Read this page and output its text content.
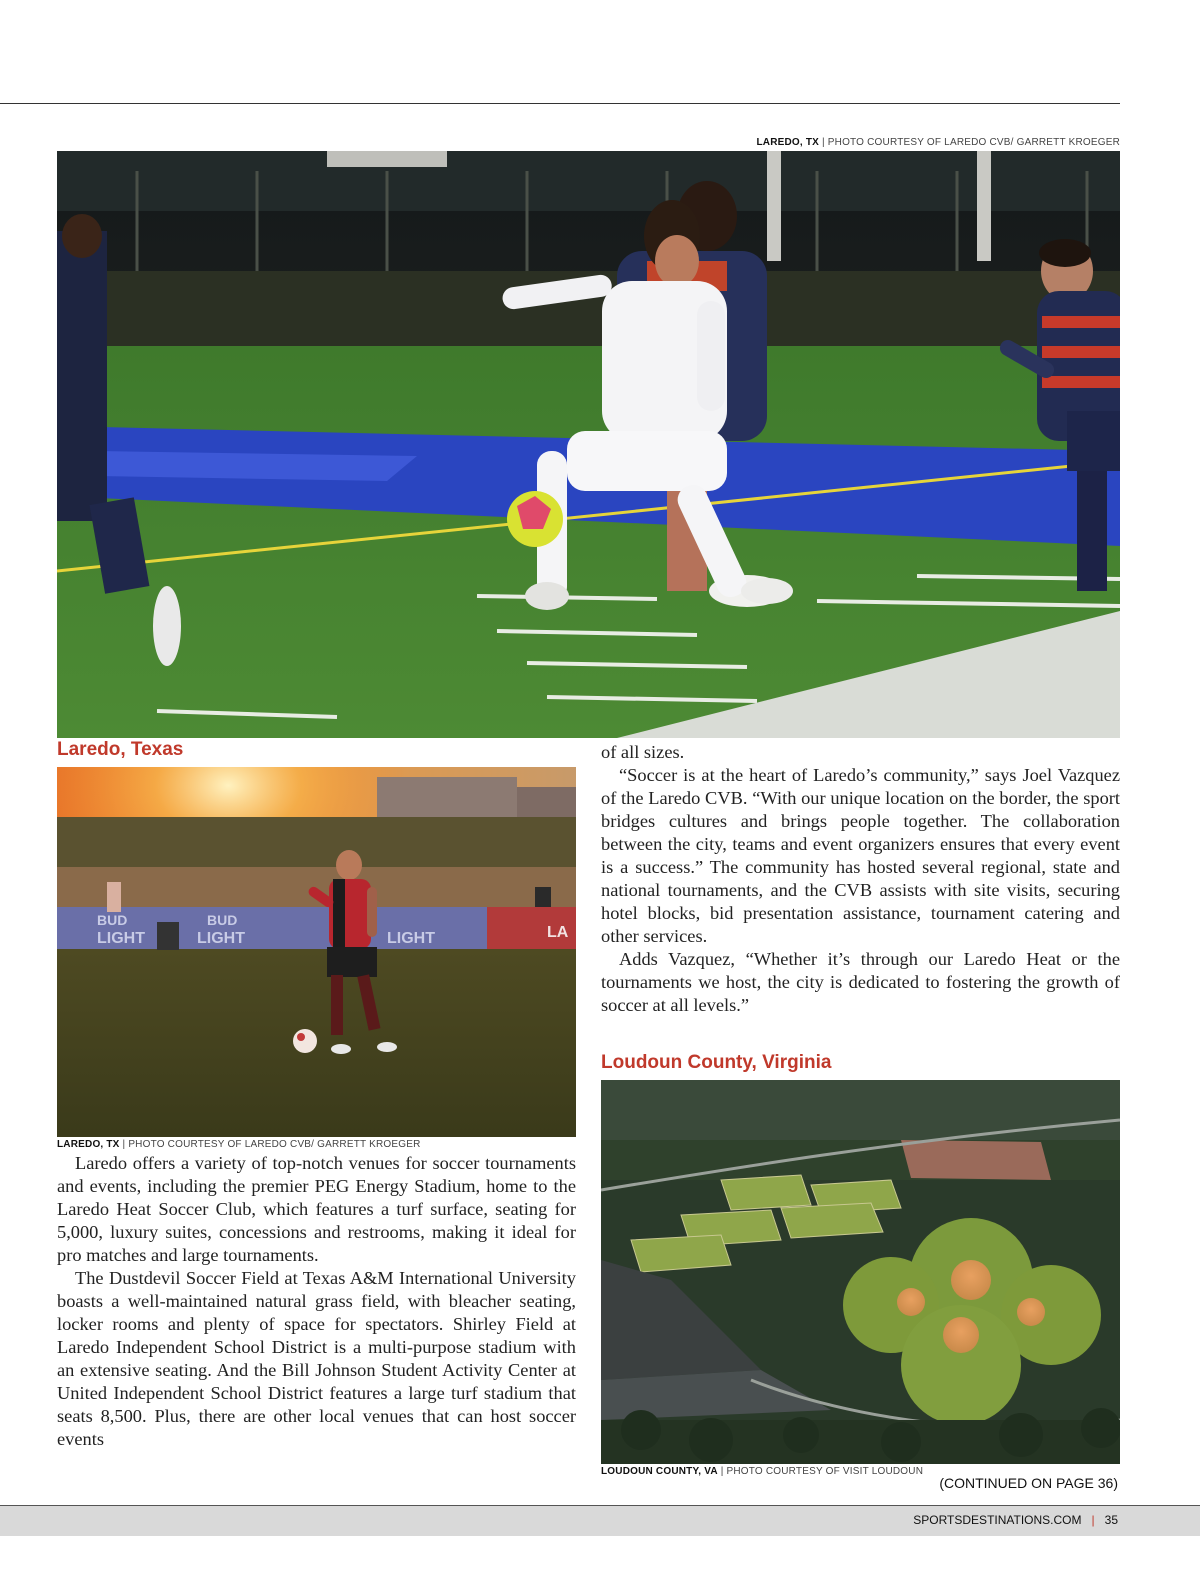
LAREDO, TX | PHOTO COURTESY OF LAREDO CVB/ GARRETT KROEGER
Laredo, Texas
BUD
LIGHT
BUD
LIGHT	LIGHT	LA
LAREDO, TX | PHOTO COURTESY OF LAREDO CVB/ GARRETT KROEGER

Laredo offers a variety of top-notch venues for soccer tournaments and events, including the premier PEG Energy Stadium, home to the Laredo Heat Soccer Club, which features a turf surface, seating for 5,000, luxury suites, concessions and restrooms, making it ideal for pro matches and large tournaments.

The Dustdevil Soccer Field at Texas A&M International University boasts a well-maintained natural grass field, with bleacher seating, locker rooms and plenty of space for spectators. Shirley Field at Laredo Independent School District is a multi-purpose stadium with an extensive seating. And the Bill Johnson Student Activity Center at United Independent School District features a large turf stadium that seats 8,500. Plus, there are other local venues that can host soccer events

of all sizes.

“Soccer is at the heart of Laredo’s community,” says Joel Vazquez of the Laredo CVB. “With our unique location on the border, the sport bridges cultures and brings people together. The collaboration between the city, teams and event organizers ensures that every event is a success.” The community has hosted several regional, state and national tournaments, and the CVB assists with site visits, securing hotel blocks, bid presentation assistance, tournament catering and other services.

Adds Vazquez, “Whether it’s through our Laredo Heat or the tournaments we host, the city is dedicated to fostering the growth of soccer at all levels.”

Loudoun County, Virginia
LOUDOUN COUNTY, VA | PHOTO COURTESY OF VISIT LOUDOUN
(CONTINUED ON PAGE 36)
SPORTSDESTINATIONS.COM | 35
